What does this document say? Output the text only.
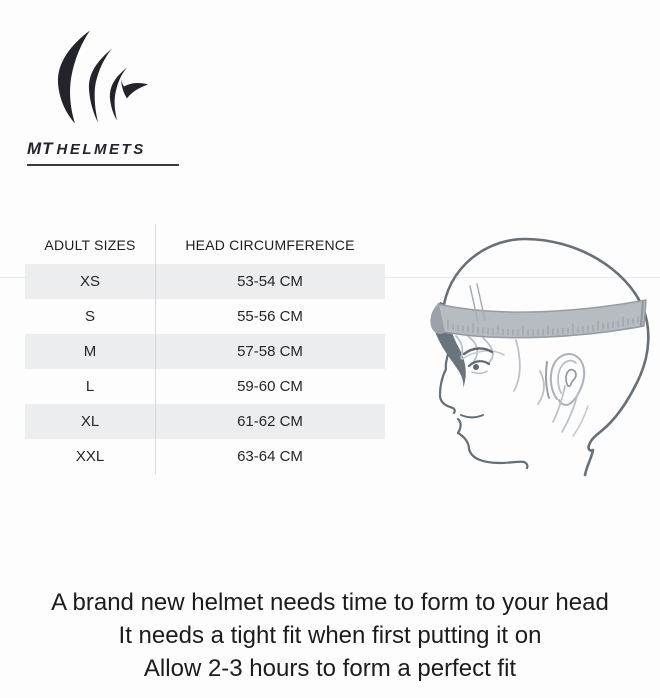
MT HELMETS
ADULT SIZES	HEAD CIRCUMFERENCE
XS	53-54 CM
S	55-56 CM
M	57-58 CM
L	59-60 CM
XL	61-62 CM
XXL	63-64 CM
A brand new helmet needs time to form to your head
It needs a tight fit when first putting it on
Allow 2-3 hours to form a perfect fit
